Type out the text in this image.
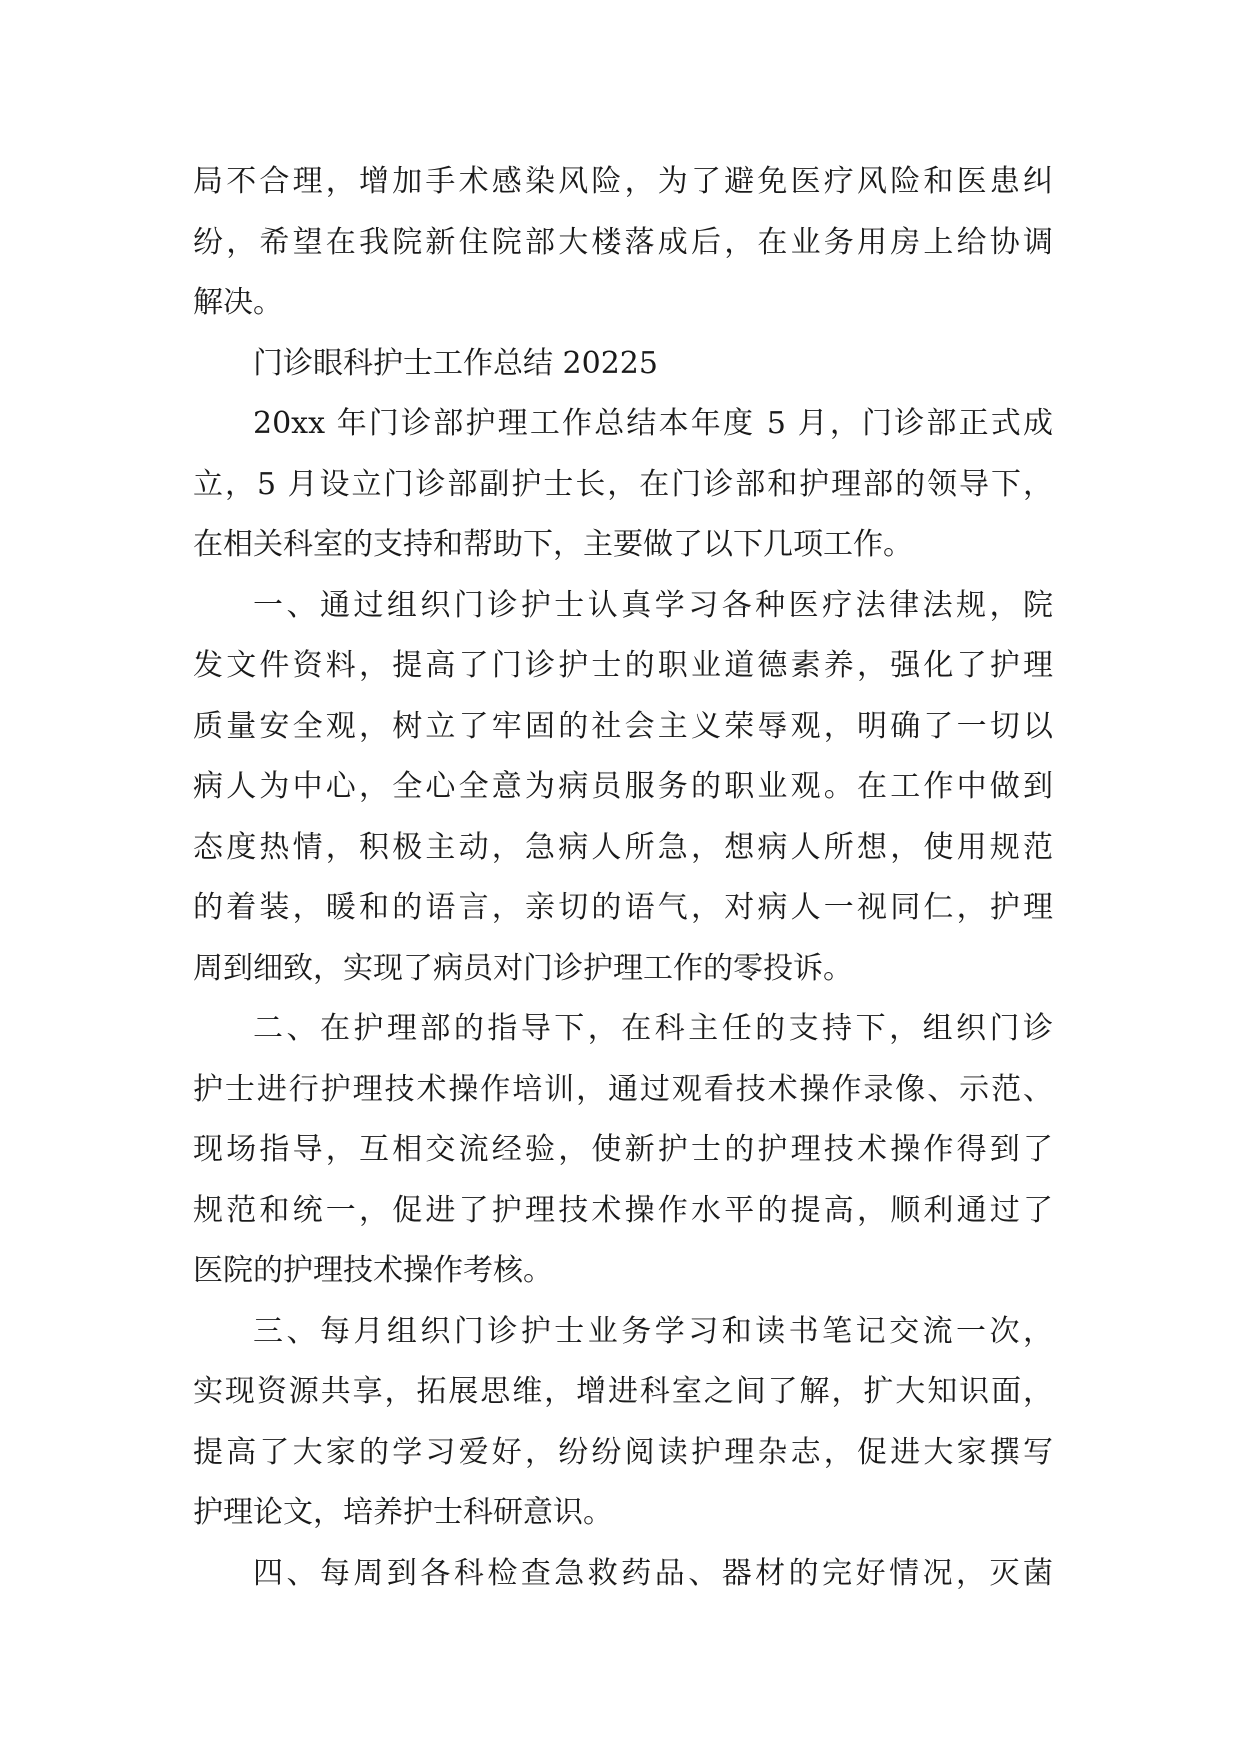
局不合理，增加手术感染风险，为了避免医疗风险和医患纠
纷，希望在我院新住院部大楼落成后，在业务用房上给协调
解决。
门诊眼科护士工作总结 20225
20xx 年门诊部护理工作总结本年度 5 月，门诊部正式成
立，5 月设立门诊部副护士长，在门诊部和护理部的领导下，
在相关科室的支持和帮助下，主要做了以下几项工作。
一、通过组织门诊护士认真学习各种医疗法律法规，院
发文件资料，提高了门诊护士的职业道德素养，强化了护理
质量安全观，树立了牢固的社会主义荣辱观，明确了一切以
病人为中心，全心全意为病员服务的职业观。在工作中做到
态度热情，积极主动，急病人所急，想病人所想，使用规范
的着装，暖和的语言，亲切的语气，对病人一视同仁，护理
周到细致，实现了病员对门诊护理工作的零投诉。
二、在护理部的指导下，在科主任的支持下，组织门诊
护士进行护理技术操作培训，通过观看技术操作录像、示范、
现场指导，互相交流经验，使新护士的护理技术操作得到了
规范和统一，促进了护理技术操作水平的提高，顺利通过了
医院的护理技术操作考核。
三、每月组织门诊护士业务学习和读书笔记交流一次，
实现资源共享，拓展思维，增进科室之间了解，扩大知识面，
提高了大家的学习爱好，纷纷阅读护理杂志，促进大家撰写
护理论文，培养护士科研意识。
四、每周到各科检查急救药品、器材的完好情况，灭菌
